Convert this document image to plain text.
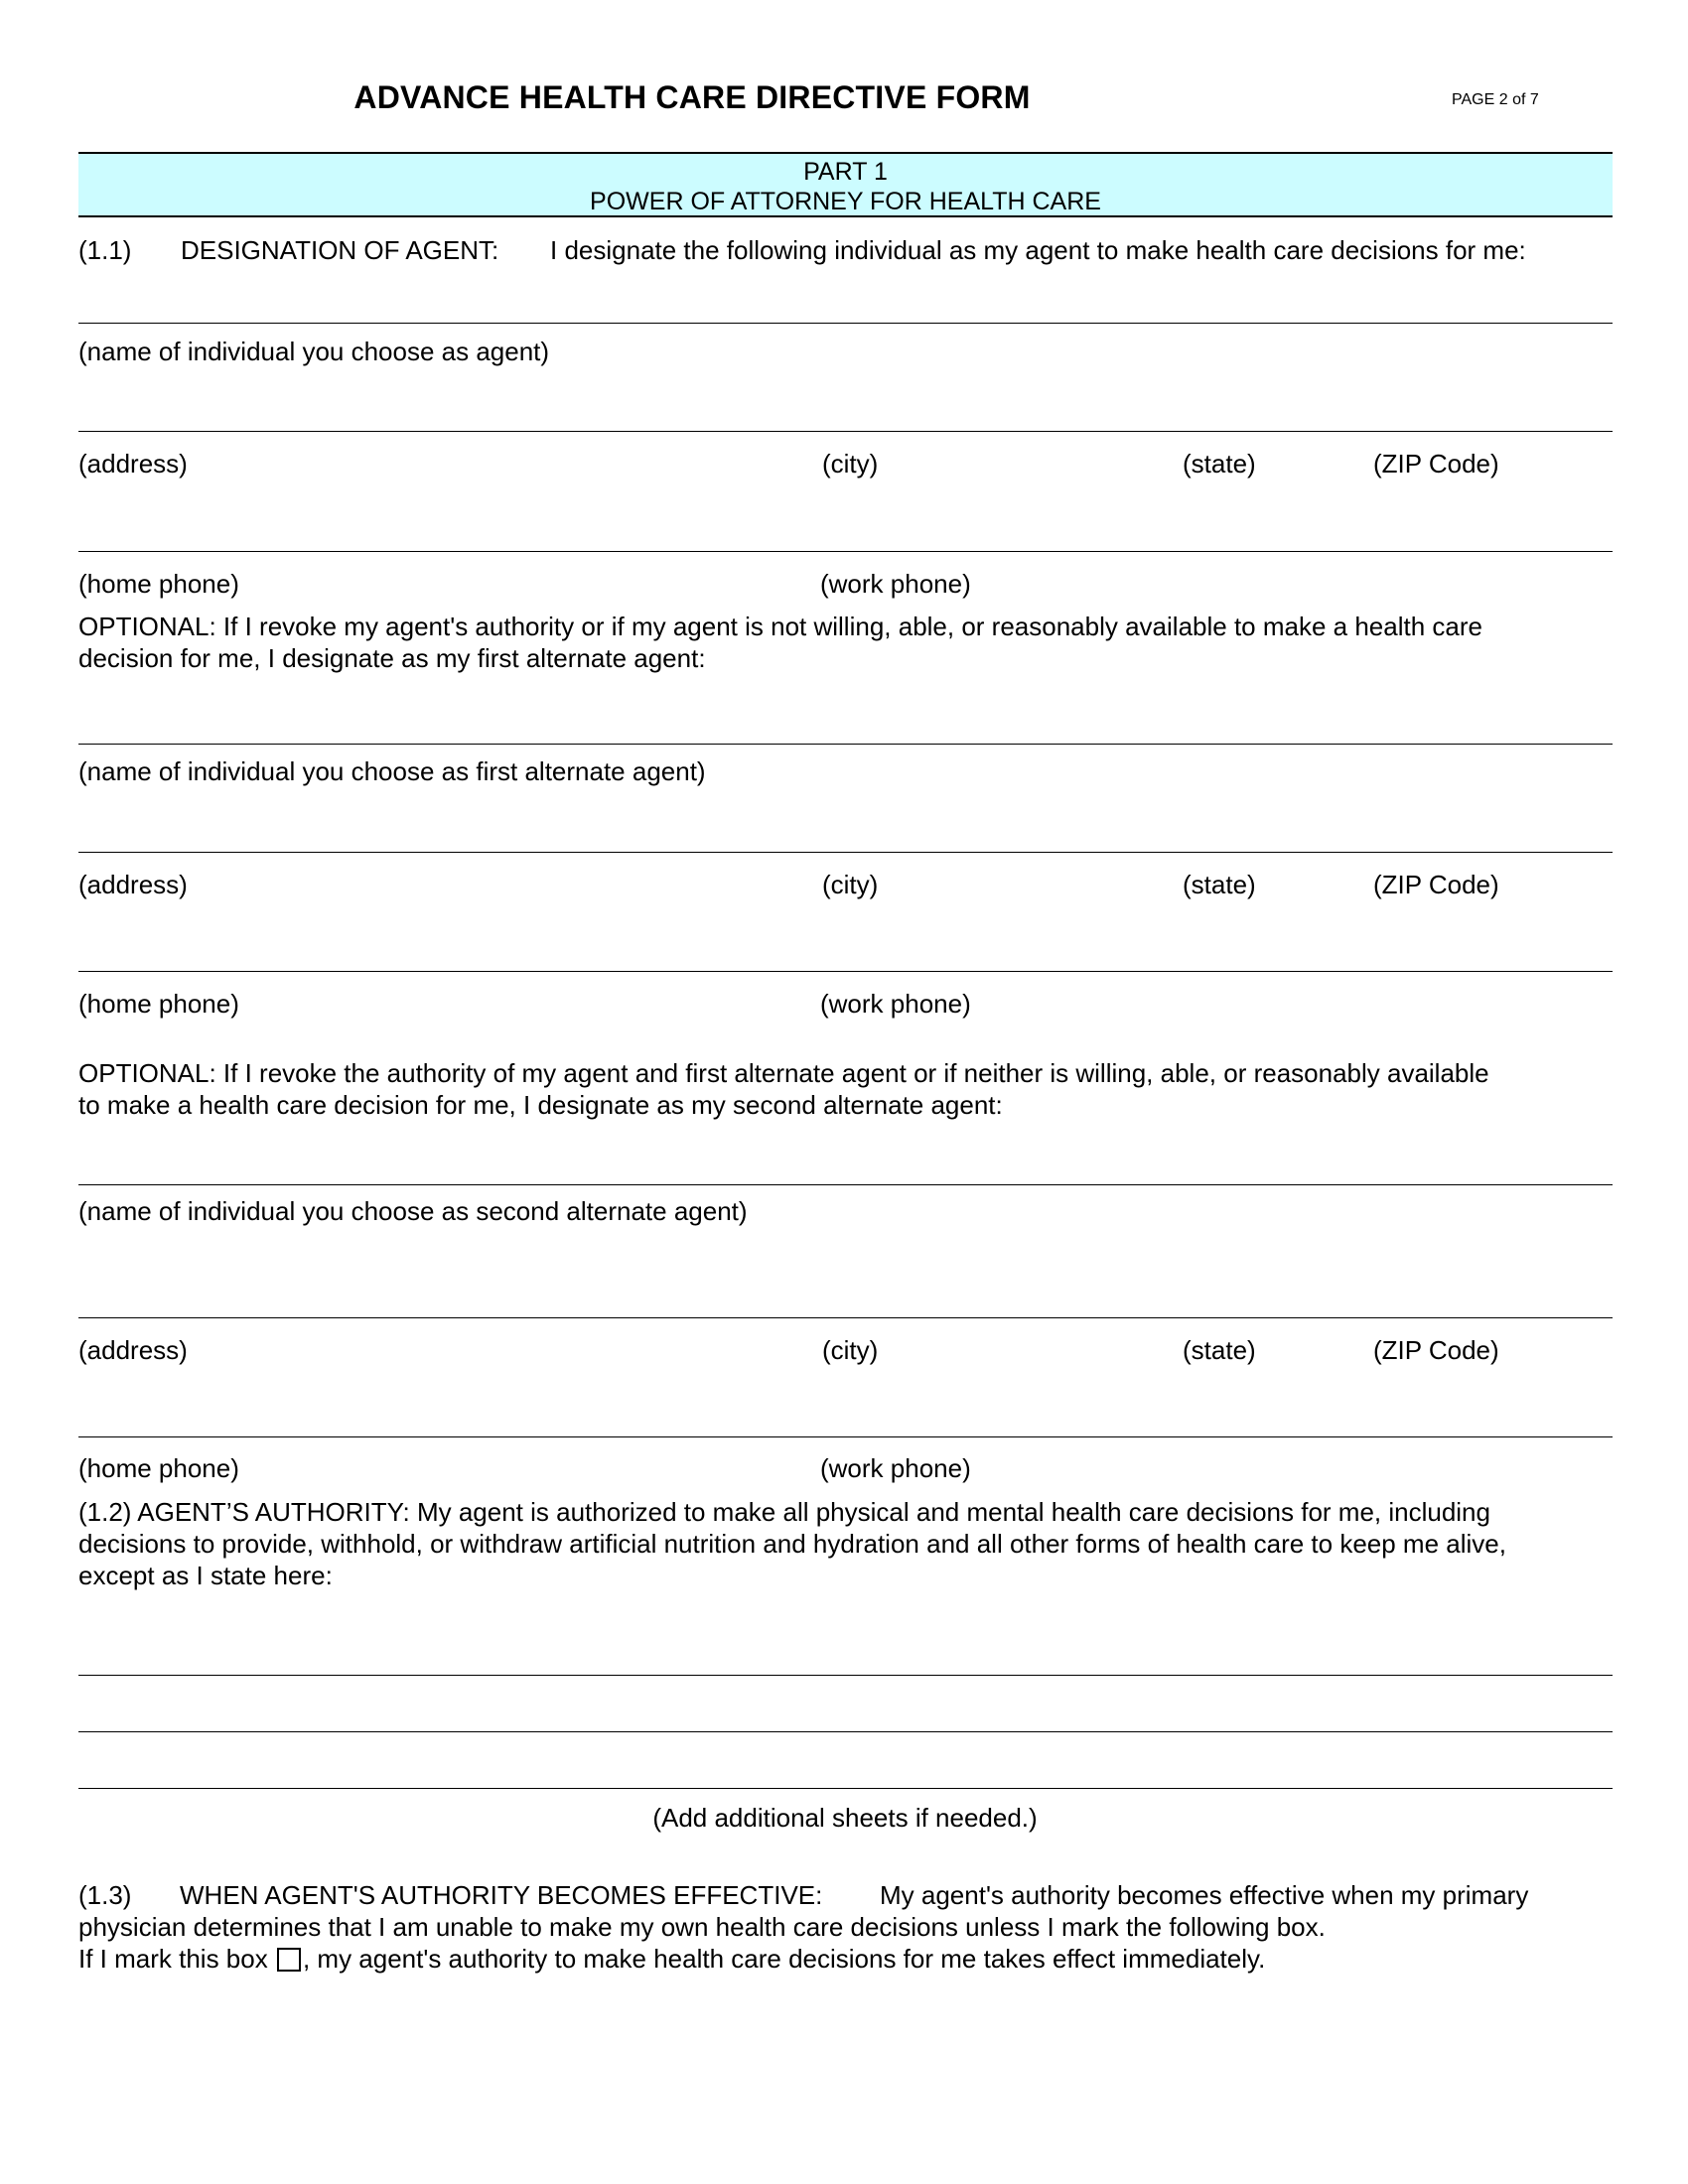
ADVANCE HEALTH CARE DIRECTIVE FORM	PAGE 2 of 7
PART 1
POWER OF ATTORNEY FOR HEALTH CARE
(1.1) DESIGNATION OF AGENT: I designate the following individual as my agent to make health care decisions for me:
(name of individual you choose as agent)
(address)	(city)	(state)	(ZIP Code)
(home phone)	(work phone)
OPTIONAL: If I revoke my agent's authority or if my agent is not willing, able, or reasonably available to make a health care
decision for me, I designate as my first alternate agent:
(name of individual you choose as first alternate agent)
(address)	(city)	(state)	(ZIP Code)
(home phone)	(work phone)
OPTIONAL: If I revoke the authority of my agent and first alternate agent or if neither is willing, able, or reasonably available
to make a health care decision for me, I designate as my second alternate agent:
(name of individual you choose as second alternate agent)
(address)	(city)	(state)	(ZIP Code)
(home phone)	(work phone)
(1.2) AGENT’S AUTHORITY: My agent is authorized to make all physical and mental health care decisions for me, including
decisions to provide, withhold, or withdraw artificial nutrition and hydration and all other forms of health care to keep me alive,
except as I state here:
(Add additional sheets if needed.)
(1.3) WHEN AGENT'S AUTHORITY BECOMES EFFECTIVE: My agent's authority becomes effective when my primary
physician determines that I am unable to make my own health care decisions unless I mark the following box.
If I mark this box , my agent's authority to make health care decisions for me takes effect immediately.
